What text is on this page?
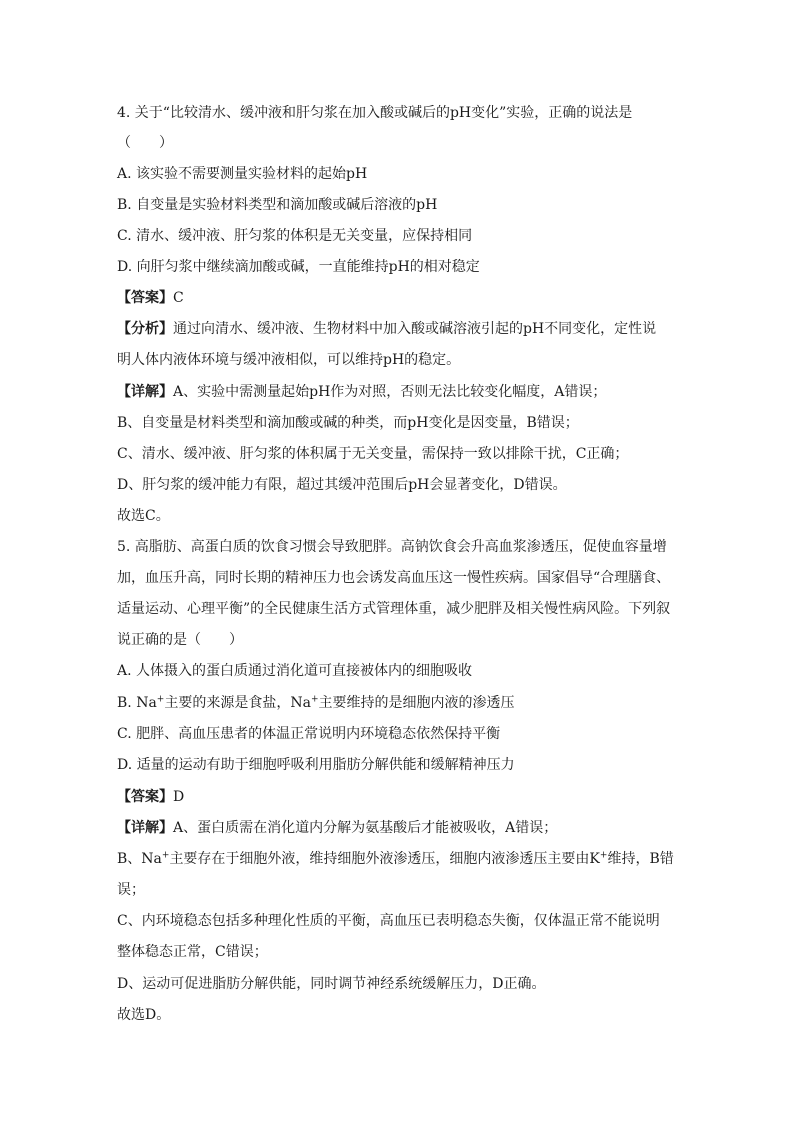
4. 关于“比较清水、缓冲液和肝匀浆在加入酸或碱后的pH变化”实验，正确的说法是
（　　）
A. 该实验不需要测量实验材料的起始pH
B. 自变量是实验材料类型和滴加酸或碱后溶液的pH
C. 清水、缓冲液、肝匀浆的体积是无关变量，应保持相同
D. 向肝匀浆中继续滴加酸或碱，一直能维持pH的相对稳定
【答案】C
【分析】通过向清水、缓冲液、生物材料中加入酸或碱溶液引起的pH不同变化，定性说
明人体内液体环境与缓冲液相似，可以维持pH的稳定。
【详解】A、实验中需测量起始pH作为对照，否则无法比较变化幅度，A错误；
B、自变量是材料类型和滴加酸或碱的种类，而pH变化是因变量，B错误；
C、清水、缓冲液、肝匀浆的体积属于无关变量，需保持一致以排除干扰，C正确；
D、肝匀浆的缓冲能力有限，超过其缓冲范围后pH会显著变化，D错误。
故选C。
5. 高脂肪、高蛋白质的饮食习惯会导致肥胖。高钠饮食会升高血浆渗透压，促使血容量增
加，血压升高，同时长期的精神压力也会诱发高血压这一慢性疾病。国家倡导“合理膳食、
适量运动、心理平衡”的全民健康生活方式管理体重，减少肥胖及相关慢性病风险。下列叙
说正确的是（　　）
A. 人体摄入的蛋白质通过消化道可直接被体内的细胞吸收
B. Na+主要的来源是食盐，Na+主要维持的是细胞内液的渗透压
C. 肥胖、高血压患者的体温正常说明内环境稳态依然保持平衡
D. 适量的运动有助于细胞呼吸利用脂肪分解供能和缓解精神压力
【答案】D
【详解】A、蛋白质需在消化道内分解为氨基酸后才能被吸收，A错误；
B、Na+主要存在于细胞外液，维持细胞外液渗透压，细胞内液渗透压主要由K+维持，B错
误；
C、内环境稳态包括多种理化性质的平衡，高血压已表明稳态失衡，仅体温正常不能说明
整体稳态正常，C错误；
D、运动可促进脂肪分解供能，同时调节神经系统缓解压力，D正确。
故选D。
